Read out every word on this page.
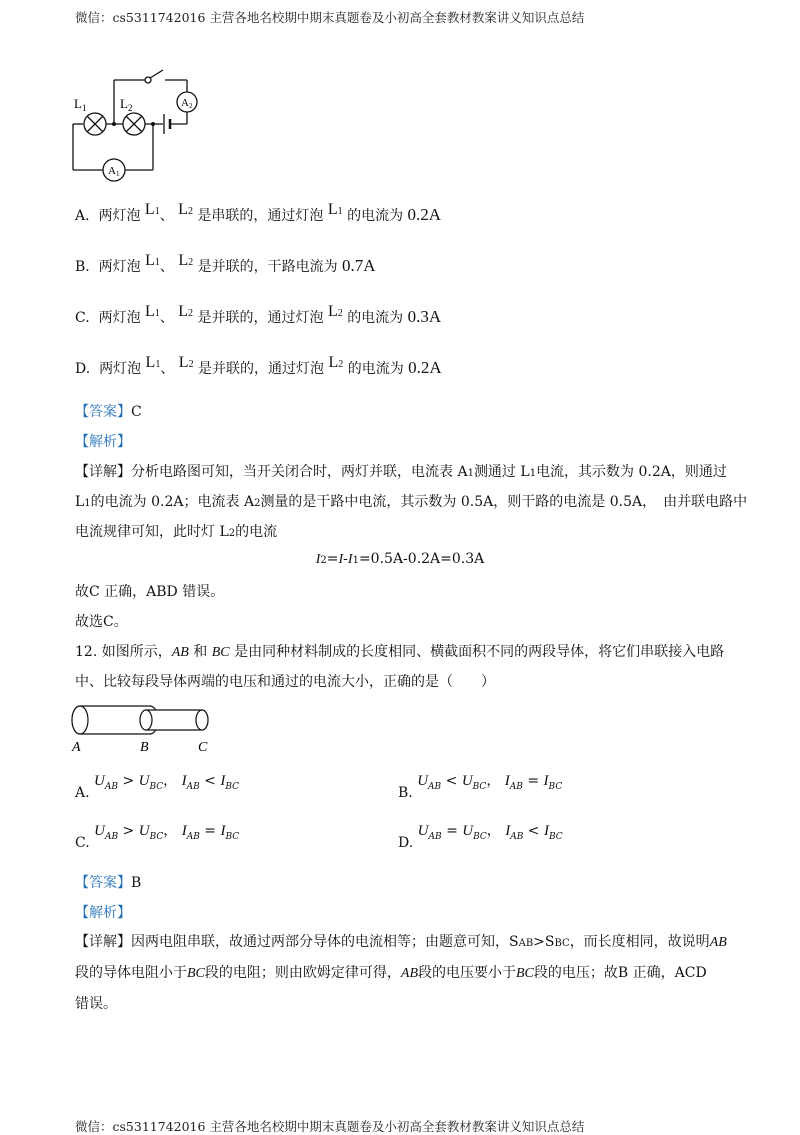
微信：cs5311742016 主营各地名校期中期末真题卷及小初高全套教材教案讲义知识点总结
$L_1$	$L_2$
A1
A2
A. 两灯泡 L1、 L2 是串联的，通过灯泡 L1 的电流为 0.2A
B. 两灯泡 L1、 L2 是并联的，干路电流为 0.7A
C. 两灯泡 L1、 L2 是并联的，通过灯泡 L2 的电流为 0.3A
D. 两灯泡 L1、 L2 是并联的，通过灯泡 L2 的电流为 0.2A
【答案】C
【解析】
【详解】分析电路图可知，当开关闭合时，两灯并联，电流表 A1测通过 L1电流，其示数为 0.2A，则通过
L1的电流为 0.2A；电流表 A2测量的是干路中电流，其示数为 0.5A，则干路的电流是 0.5A，　由并联电路中
电流规律可知，此时灯 L2的电流
I2=I-I1=0.5A-0.2A=0.3A
故C 正确，ABD 错误。
故选C。
12. 如图所示，AB 和 BC 是由同种材料制成的长度相同、横截面积不同的两段导体，将它们串联接入电路
中、比较每段导体两端的电压和通过的电流大小，正确的是（　　）
A	B	C
A. $U_{AB} > U_{BC}$， $I_{AB} < I_{BC}$	B. $U_{AB} < U_{BC}$， $I_{AB} = I_{BC}$
C. $U_{AB} > U_{BC}$， $I_{AB} = I_{BC}$	D. $U_{AB} = U_{BC}$， $I_{AB} < I_{BC}$
【答案】B
【解析】
【详解】因两电阻串联，故通过两部分导体的电流相等；由题意可知，SAB>SBC，而长度相同，故说明AB
段的导体电阻小于BC段的电阻；则由欧姆定律可得，AB段的电压要小于BC段的电压；故B 正确，ACD
错误。
微信：cs5311742016 主营各地名校期中期末真题卷及小初高全套教材教案讲义知识点总结
